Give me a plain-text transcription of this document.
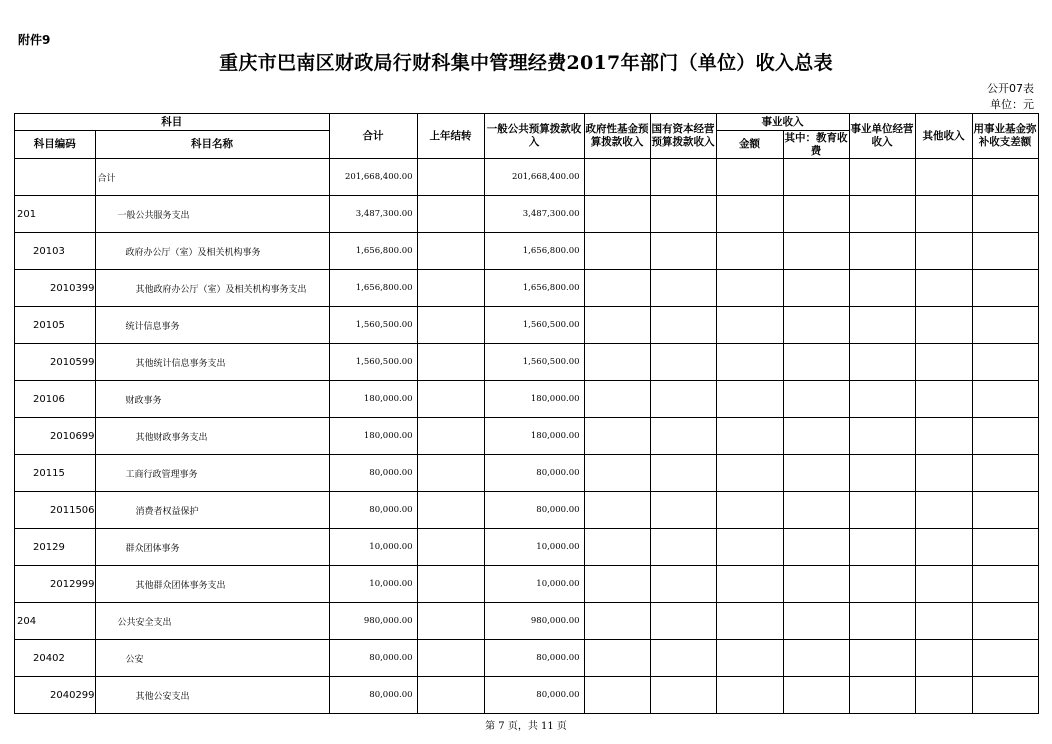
附件9
重庆市巴南区财政局行财科集中管理经费2017年部门（单位）收入总表
公开07表
单位：元
科目		合计	上年结转	一般公共预算拨款收入	政府性基金预算拨款收入	国有资本经营预算拨款收入	事业收入		事业单位经营收入	其他收入	用事业基金弥补收支差额
科目编码	科目名称						金额	其中：教育收费			
	合计	201,668,400.00		201,668,400.00							
201	一般公共服务支出	3,487,300.00		3,487,300.00							
20103	政府办公厅（室）及相关机构事务	1,656,800.00		1,656,800.00							
2010399	其他政府办公厅（室）及相关机构事务支出	1,656,800.00		1,656,800.00							
20105	统计信息事务	1,560,500.00		1,560,500.00							
2010599	其他统计信息事务支出	1,560,500.00		1,560,500.00							
20106	财政事务	180,000.00		180,000.00							
2010699	其他财政事务支出	180,000.00		180,000.00							
20115	工商行政管理事务	80,000.00		80,000.00							
2011506	消费者权益保护	80,000.00		80,000.00							
20129	群众团体事务	10,000.00		10,000.00							
2012999	其他群众团体事务支出	10,000.00		10,000.00							
204	公共安全支出	980,000.00		980,000.00							
20402	公安	80,000.00		80,000.00							
2040299	其他公安支出	80,000.00		80,000.00							
第 7 页，共 11 页
